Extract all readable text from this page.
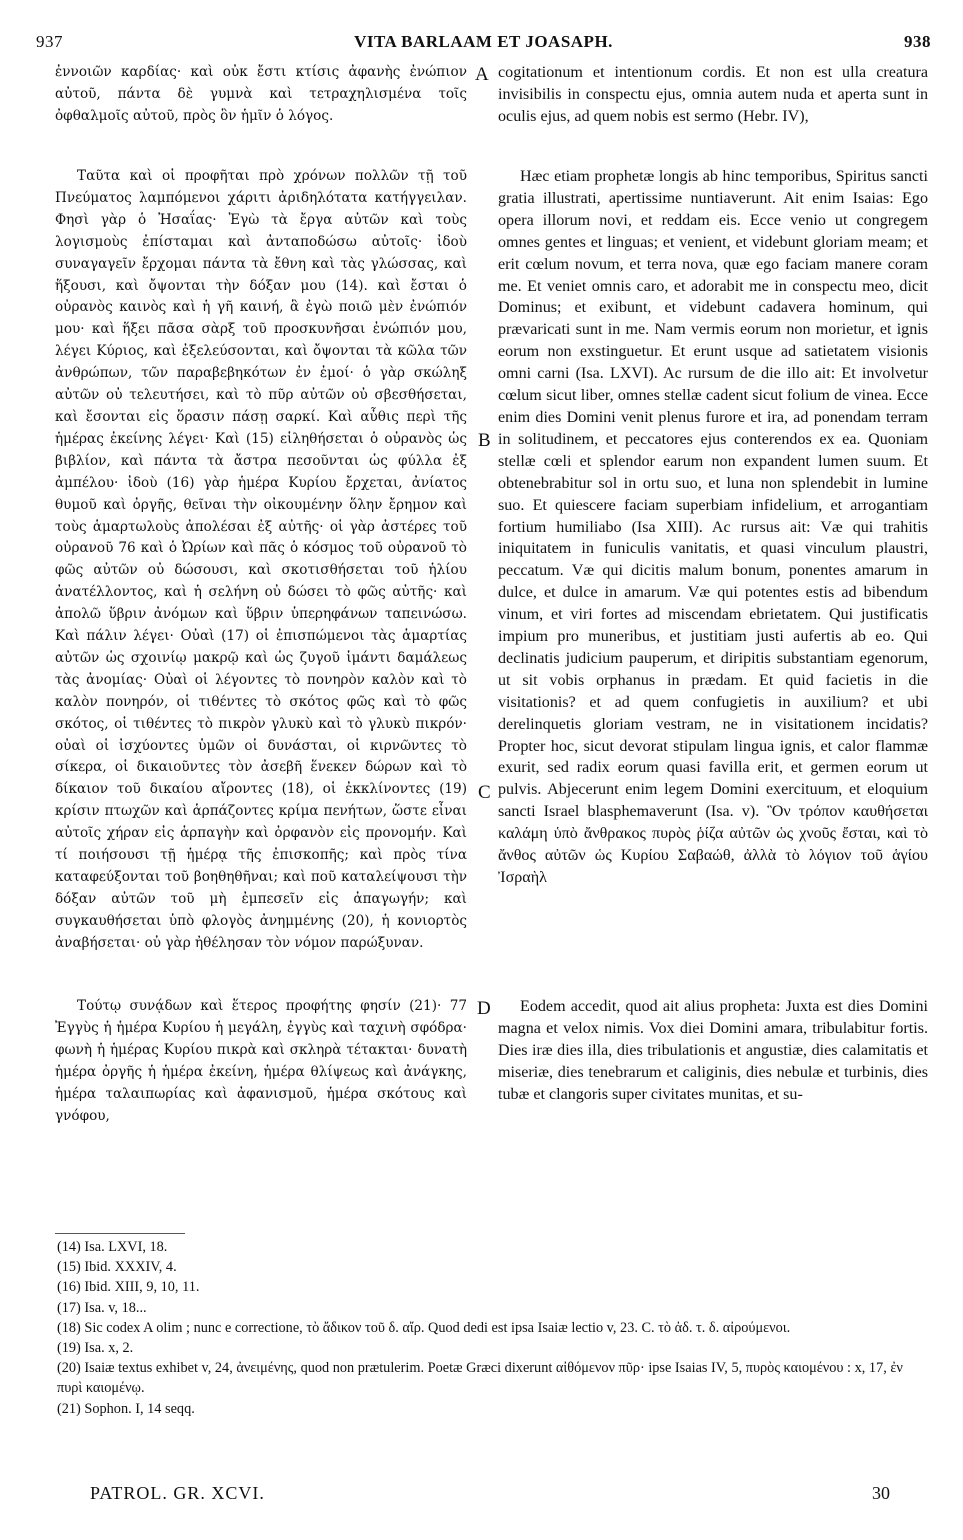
937	VITA BARLAAM ET JOASAPH.	938

ἐννοιῶν καρδίας· καὶ οὐκ ἔστι κτίσις ἀφανὴς ἐνώπιον αὐτοῦ, πάντα δὲ γυμνὰ καὶ τετραχηλισμένα τοῖς ὀφθαλμοῖς αὐτοῦ, πρὸς ὃν ἡμῖν ὁ λόγος.

Ταῦτα καὶ οἱ προφῆται πρὸ χρόνων πολλῶν τῇ τοῦ Πνεύματος λαμπόμενοι χάριτι ἀριδηλότατα κατήγγειλαν. Φησὶ γὰρ ὁ Ἠσαΐας· Ἐγὼ τὰ ἔργα αὐτῶν καὶ τοὺς λογισμοὺς ἐπίσταμαι καὶ ἀνταποδώσω αὐτοῖς· ἰδοὺ συναγαγεῖν ἔρχομαι πάντα τὰ ἔθνη καὶ τὰς γλώσσας, καὶ ἥξουσι, καὶ ὄψονται τὴν δόξαν μου (14). καὶ ἔσται ὁ οὐρανὸς καινὸς καὶ ἡ γῆ καινή, ἃ ἐγὼ ποιῶ μὲν ἐνώπιόν μου· καὶ ἥξει πᾶσα σὰρξ τοῦ προσκυνῆσαι ἐνώπιόν μου, λέγει Κύριος, καὶ ἐξελεύσονται, καὶ ὄψονται τὰ κῶλα τῶν ἀνθρώπων, τῶν παραβεβηκότων ἐν ἐμοί· ὁ γὰρ σκώληξ αὐτῶν οὐ τελευτήσει, καὶ τὸ πῦρ αὐτῶν οὐ σβεσθήσεται, καὶ ἔσονται εἰς ὅρασιν πάσῃ σαρκί. Καὶ αὖθις περὶ τῆς ἡμέρας ἐκείνης λέγει· Καὶ (15) εἱληθήσεται ὁ οὐρανὸς ὡς βιβλίον, καὶ πάντα τὰ ἄστρα πεσοῦνται ὡς φύλλα ἐξ ἀμπέλου· ἰδοὺ (16) γὰρ ἡμέρα Κυρίου ἔρχεται, ἀνίατος θυμοῦ καὶ ὀργῆς, θεῖναι τὴν οἰκουμένην ὅλην ἔρημον καὶ τοὺς ἁμαρτωλοὺς ἀπολέσαι ἐξ αὐτῆς· οἱ γὰρ ἀστέρες τοῦ οὐρανοῦ 76 καὶ ὁ Ὠρίων καὶ πᾶς ὁ κόσμος τοῦ οὐρανοῦ τὸ φῶς αὐτῶν οὐ δώσουσι, καὶ σκοτισθήσεται τοῦ ἡλίου ἀνατέλλοντος, καὶ ἡ σελήνη οὐ δώσει τὸ φῶς αὐτῆς· καὶ ἀπολῶ ὕβριν ἀνόμων καὶ ὕβριν ὑπερηφάνων ταπεινώσω. Καὶ πάλιν λέγει· Οὐαὶ (17) οἱ ἐπισπώμενοι τὰς ἁμαρτίας αὐτῶν ὡς σχοινίῳ μακρῷ καὶ ὡς ζυγοῦ ἱμάντι δαμάλεως τὰς ἀνομίας· Οὐαὶ οἱ λέγοντες τὸ πονηρὸν καλὸν καὶ τὸ καλὸν πονηρόν, οἱ τιθέντες τὸ σκότος φῶς καὶ τὸ φῶς σκότος, οἱ τιθέντες τὸ πικρὸν γλυκὺ καὶ τὸ γλυκὺ πικρόν· οὐαὶ οἱ ἰσχύοντες ὑμῶν οἱ δυνάσται, οἱ κιρνῶντες τὸ σίκερα, οἱ δικαιοῦντες τὸν ἀσεβῆ ἕνεκεν δώρων καὶ τὸ δίκαιον τοῦ δικαίου αἴροντες (18), οἱ ἐκκλίνοντες (19) κρίσιν πτωχῶν καὶ ἁρπάζοντες κρίμα πενήτων, ὥστε εἶναι αὐτοῖς χήραν εἰς ἁρπαγὴν καὶ ὀρφανὸν εἰς προνομήν. Καὶ τί ποιήσουσι τῇ ἡμέρᾳ τῆς ἐπισκοπῆς; καὶ πρὸς τίνα καταφεύξονται τοῦ βοηθηθῆναι; καὶ ποῦ καταλείψουσι τὴν δόξαν αὐτῶν τοῦ μὴ ἐμπεσεῖν εἰς ἀπαγωγήν; καὶ συγκαυθήσεται ὑπὸ φλογὸς ἀνημμένης (20), ἡ κονιορτὸς ἀναβήσεται· οὐ γὰρ ἠθέλησαν τὸν νόμον παρώξυναν.

Τούτῳ συνᾴδων καὶ ἕτερος προφήτης φησίν (21)· 77 Ἐγγὺς ἡ ἡμέρα Κυρίου ἡ μεγάλη, ἐγγὺς καὶ ταχινὴ σφόδρα· φωνὴ ἡ ἡμέρας Κυρίου πικρὰ καὶ σκληρὰ τέτακται· δυνατὴ ἡμέρα ὀργῆς ἡ ἡμέρα ἐκείνη, ἡμέρα θλίψεως καὶ ἀνάγκης, ἡμέρα ταλαιπωρίας καὶ ἀφανισμοῦ, ἡμέρα σκότους καὶ γνόφου,

cogitationum et intentionum cordis. Et non est ulla creatura invisibilis in conspectu ejus, omnia autem nuda et aperta sunt in oculis ejus, ad quem nobis est sermo (Hebr. IV),

Hæc etiam prophetæ longis ab hinc temporibus, Spiritus sancti gratia illustrati, apertissime nuntiaverunt. Ait enim Isaias: Ego opera illorum novi, et reddam eis. Ecce venio ut congregem omnes gentes et linguas; et venient, et videbunt gloriam meam; et erit cœlum novum, et terra nova, quæ ego faciam manere coram me. Et veniet omnis caro, et adorabit me in conspectu meo, dicit Dominus; et exibunt, et videbunt cadavera hominum, qui prævaricati sunt in me. Nam vermis eorum non morietur, et ignis eorum non exstinguetur. Et erunt usque ad satietatem visionis omni carni (Isa. LXVI). Ac rursum de die illo ait: Et involvetur cœlum sicut liber, omnes stellæ cadent sicut folium de vinea. Ecce enim dies Domini venit plenus furore et ira, ad ponendam terram in solitudinem, et peccatores ejus conterendos ex ea. Quoniam stellæ cœli et splendor earum non expandent lumen suum. Et obtenebrabitur sol in ortu suo, et luna non splendebit in lumine suo. Et quiescere faciam superbiam infidelium, et arrogantiam fortium humiliabo (Isa XIII). Ac rursus ait: Væ qui trahitis iniquitatem in funiculis vanitatis, et quasi vinculum plaustri, peccatum. Væ qui dicitis malum bonum, ponentes amarum in dulce, et dulce in amarum. Væ qui potentes estis ad bibendum vinum, et viri fortes ad miscendam ebrietatem. Qui justificatis impium pro muneribus, et justitiam justi aufertis ab eo. Qui declinatis judicium pauperum, et diripitis substantiam egenorum, ut sit vobis orphanus in prædam. Et quid facietis in die visitationis? et ad quem confugietis in auxilium? et ubi derelinquetis gloriam vestram, ne in visitationem incidatis? Propter hoc, sicut devorat stipulam lingua ignis, et calor flammæ exurit, sed radix eorum quasi favilla erit, et germen eorum ut pulvis. Abjecerunt enim legem Domini exercituum, et eloquium sancti Israel blasphemaverunt (Isa. v). Ὃν τρόπον καυθήσεται καλάμη ὑπὸ ἄνθρακος πυρὸς ῥίζα αὐτῶν ὡς χνοῦς ἔσται, καὶ τὸ ἄνθος αὐτῶν ὡς Κυρίου Σαβαώθ, ἀλλὰ τὸ λόγιον τοῦ ἁγίου Ἰσραὴλ

Eodem accedit, quod ait alius propheta: Juxta est dies Domini magna et velox nimis. Vox diei Domini amara, tribulabitur fortis. Dies iræ dies illa, dies tribulationis et angustiæ, dies calamitatis et miseriæ, dies tenebrarum et caliginis, dies nebulæ et turbinis, dies tubæ et clangoris super civitates munitas, et su-

A
B
C
D
(14) Isa. LXVI, 18.
(15) Ibid. XXXIV, 4.
(16) Ibid. XIII, 9, 10, 11.
(17) Isa. v, 18...
(18) Sic codex A olim ; nunc e correctione, τὸ ἄδικον τοῦ δ. αἴρ. Quod dedi est ipsa Isaiæ lectio v, 23. C. τὸ ἀδ. τ. δ. αἰρούμενοι.
(19) Isa. x, 2.
(20) Isaiæ textus exhibet v, 24, ἀνειμένης, quod non prætulerim. Poetæ Græci dixerunt αἰθόμενον πῦρ· ipse Isaias IV, 5, πυρὸς καιομένου : x, 17, ἐν πυρὶ καιομένῳ.
(21) Sophon. I, 14 seqq.
PATROL. GR. XCVI.	30
